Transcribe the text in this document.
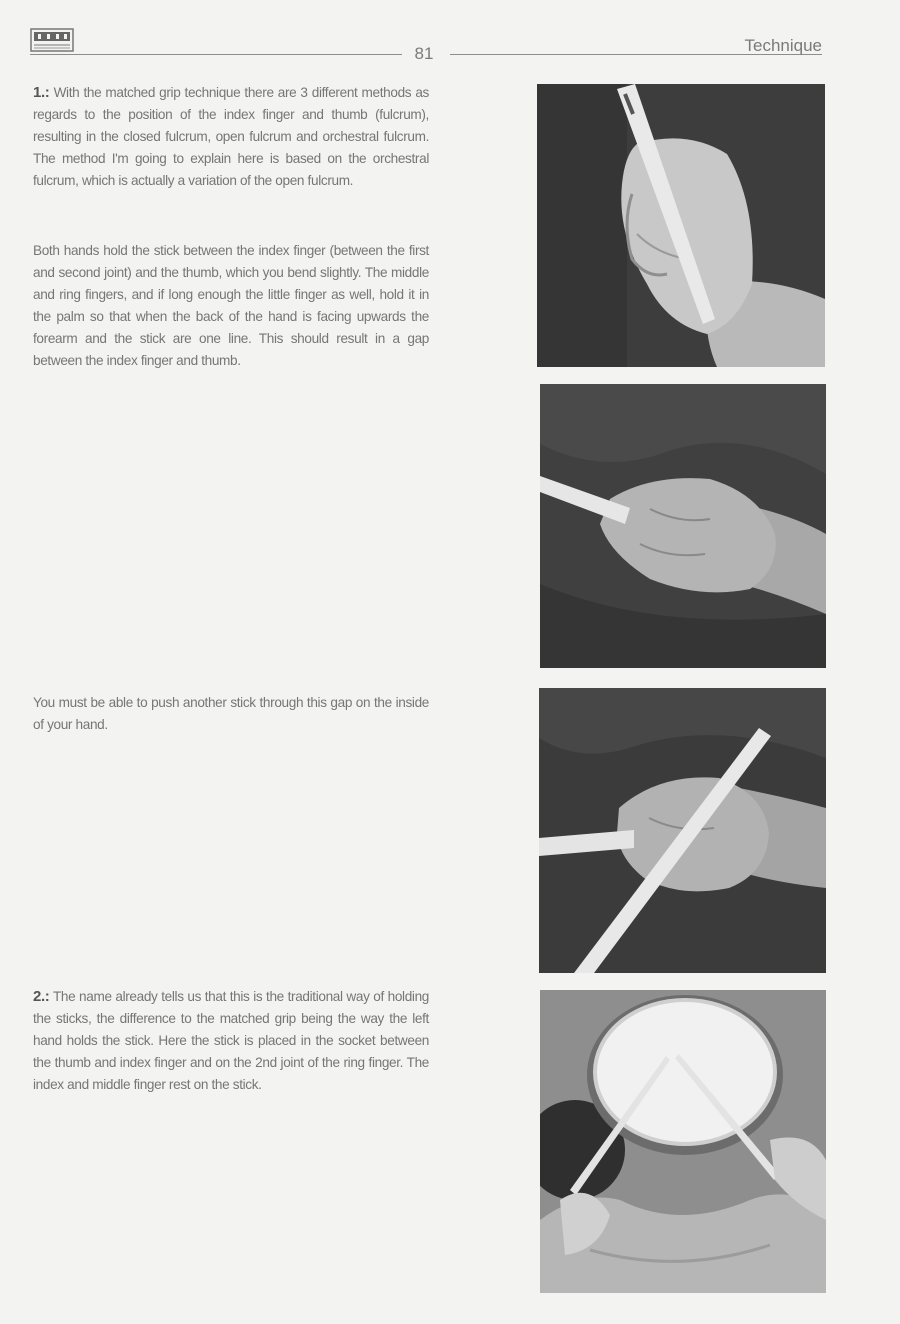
81	Technique
1.: With the matched grip technique there are 3 different methods as regards to the position of the index finger and thumb (fulcrum), resulting in the closed fulcrum, open fulcrum and orchestral fulcrum. The method I'm going to explain here is based on the orchestral fulcrum, which is actually a variation of the open fulcrum.
Both hands hold the stick between the index finger (between the first and second joint) and the thumb, which you bend slightly. The middle and ring fingers, and if long enough the little finger as well, hold it in the palm so that when the back of the hand is facing upwards the forearm and the stick are one line. This should result in a gap between the index finger and thumb.
You must be able to push another stick through this gap on the inside of your hand.
2.: The name already tells us that this is the traditional way of holding the sticks, the difference to the matched grip being the way the left hand holds the stick. Here the stick is placed in the socket between the thumb and index finger and on the 2nd joint of the ring finger. The index and middle finger rest on the stick.
